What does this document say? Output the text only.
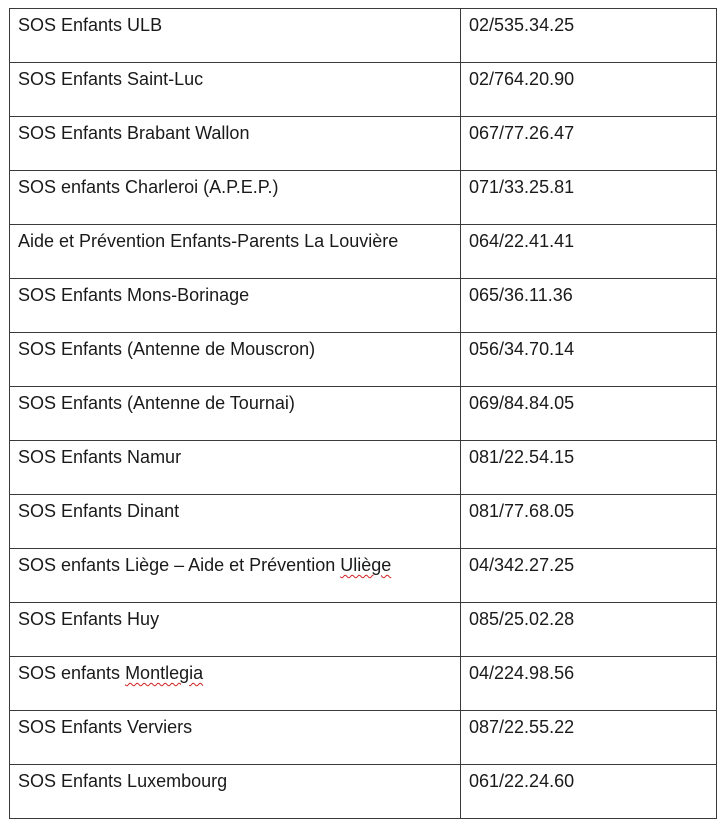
SOS Enfants ULB	02/535.34.25
SOS Enfants Saint-Luc	02/764.20.90
SOS Enfants Brabant Wallon	067/77.26.47
SOS enfants Charleroi (A.P.E.P.)	071/33.25.81
Aide et Prévention Enfants-Parents La Louvière	064/22.41.41
SOS Enfants Mons-Borinage	065/36.11.36
SOS Enfants (Antenne de Mouscron)	056/34.70.14
SOS Enfants (Antenne de Tournai)	069/84.84.05
SOS Enfants Namur	081/22.54.15
SOS Enfants Dinant	081/77.68.05
SOS enfants Liège – Aide et Prévention Uliège	04/342.27.25
SOS Enfants Huy	085/25.02.28
SOS enfants Montlegia	04/224.98.56
SOS Enfants Verviers	087/22.55.22
SOS Enfants Luxembourg	061/22.24.60
